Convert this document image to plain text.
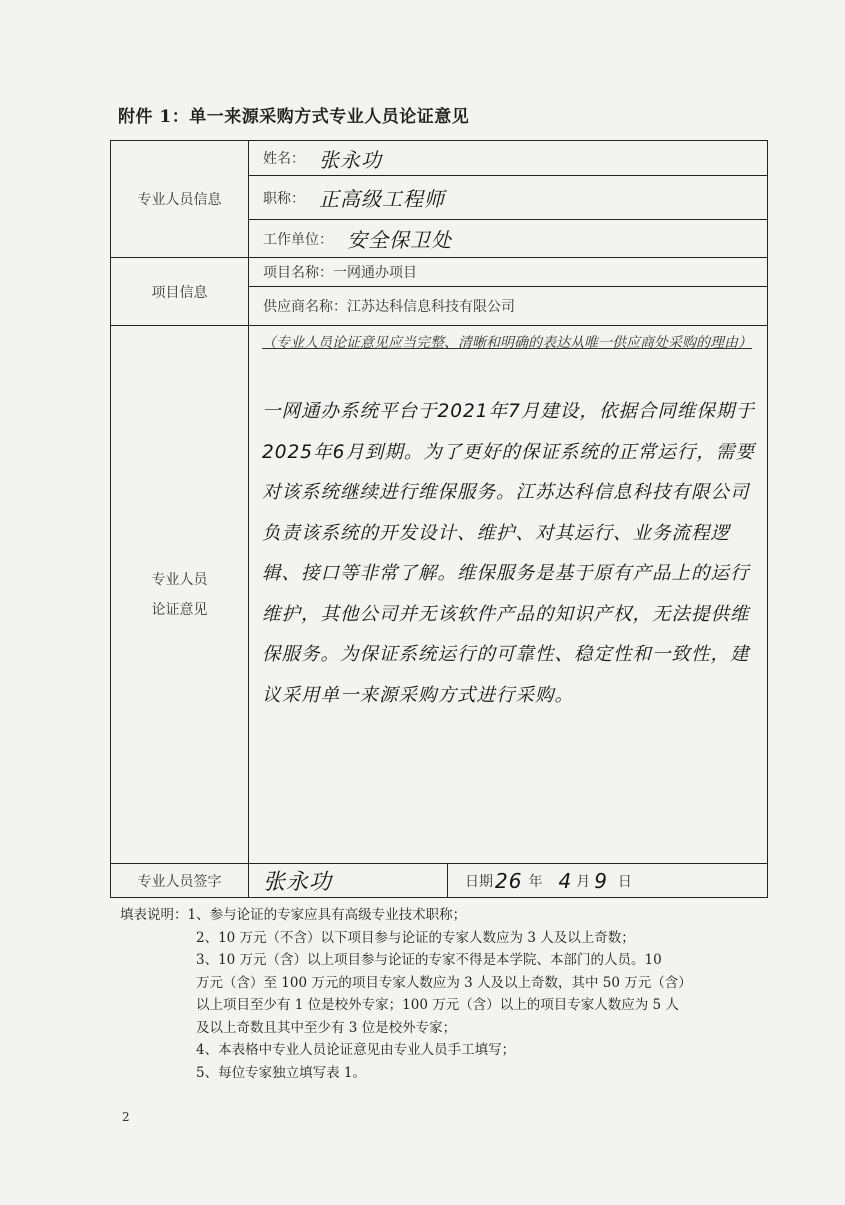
附件 1：单一来源采购方式专业人员论证意见
专业人员信息
项目信息
专业人员
论证意见
专业人员签字
姓名： 张永功
职称： 正高级工程师
工作单位： 安全保卫处
项目名称：一网通办项目
供应商名称：江苏达科信息科技有限公司
张永功	日期 26 年 4 月 9 日
（专业人员论证意见应当完整、清晰和明确的表达从唯一供应商处采购的理由）
一网通办系统平台于2021年7月建设，依据合同维保期于2025年6月到期。为了更好的保证系统的正常运行，需要对该系统继续进行维保服务。江苏达科信息科技有限公司负责该系统的开发设计、维护、对其运行、业务流程逻辑、接口等非常了解。维保服务是基于原有产品上的运行维护，其他公司并无该软件产品的知识产权，无法提供维保服务。为保证系统运行的可靠性、稳定性和一致性，建议采用单一来源采购方式进行采购。
填表说明：1、参与论证的专家应具有高级专业技术职称；
2、10 万元（不含）以下项目参与论证的专家人数应为 3 人及以上奇数；
3、10 万元（含）以上项目参与论证的专家不得是本学院、本部门的人员。10
万元（含）至 100 万元的项目专家人数应为 3 人及以上奇数，其中 50 万元（含）
以上项目至少有 1 位是校外专家；100 万元（含）以上的项目专家人数应为 5 人
及以上奇数且其中至少有 3 位是校外专家；
4、本表格中专业人员论证意见由专业人员手工填写；
5、每位专家独立填写表 1。
2
